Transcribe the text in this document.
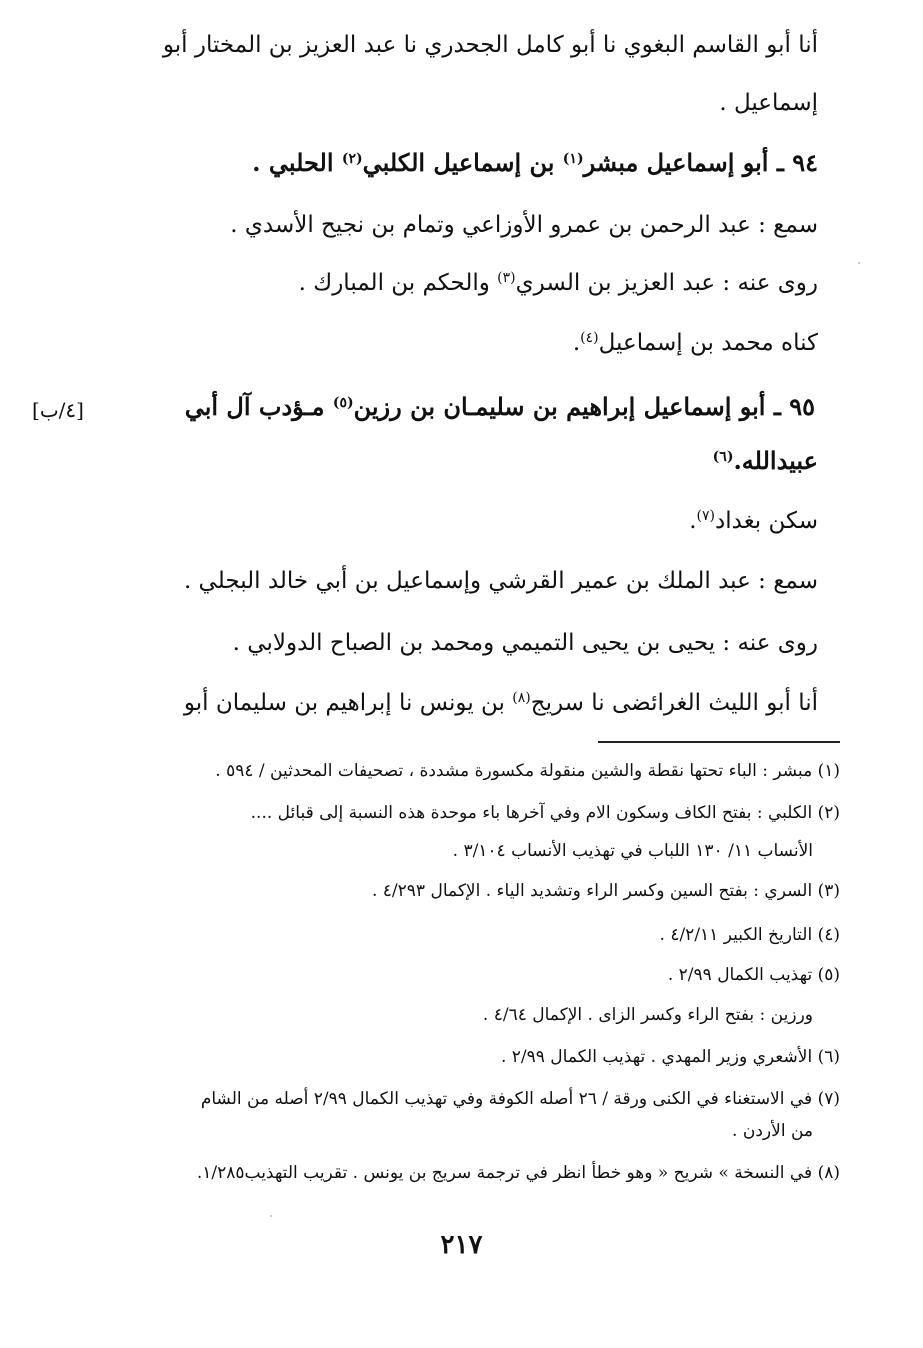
أنا أبو القاسم البغوي نا أبو كامل الجحدري نا عبد العزيز بن المختار أبو
إسماعيل .
٩٤ ـ أبو إسماعيل مبشر$^{(١)}$ بن إسماعيل الكلبي$^{(٢)}$ الحلبي .
سمع : عبد الرحمن بن عمرو الأوزاعي وتمام بن نجيح الأسدي .
روى عنه : عبد العزيز بن السري$^{(٣)}$ والحكم بن المبارك .
كناه محمد بن إسماعيل$^{(٤)}$.
٩٥ ـ أبو إسماعيل إبراهيم بن سليمـان بن رزين$^{(٥)}$ مـؤدب آل أبي
[٤/ب]
عبيدالله.$^{(٦)}$
سكن بغداد$^{(٧)}$.
سمع : عبد الملك بن عمير القرشي وإسماعيل بن أبي خالد البجلي .
روى عنه : يحيى بن يحيى التميمي ومحمد بن الصباح الدولابي .
أنا أبو الليث الغرائضى نا سريج$^{(٨)}$ بن يونس نا إبراهيم بن سليمان أبو
(١) مبشر : الباء تحتها نقطة والشين منقولة مكسورة مشددة ، تصحيفات المحدثين / ٥٩٤ .
(٢) الكلبي : بفتح الكاف وسكون الام وفي آخرها باء موحدة هذه النسبة إلى قبائل ....
الأنساب ١١/ ١٣٠ اللباب في تهذيب الأنساب ٣/١٠٤ .
(٣) السري : بفتح السين وكسر الراء وتشديد الياء . الإكمال ٤/٢٩٣ .
(٤) التاريخ الكبير ٤/٢/١١ .
(٥) تهذيب الكمال ٢/٩٩ .
ورزين : بفتح الراء وكسر الزاى . الإكمال ٤/٦٤ .
(٦) الأشعري وزير المهدي . تهذيب الكمال ٢/٩٩ .
(٧) في الاستغناء في الكنى ورقة / ٢٦ أصله الكوفة وفي تهذيب الكمال ٢/٩٩ أصله من الشام
من الأردن .
(٨) في النسخة » شريح « وهو خطأ انظر في ترجمة سريج بن يونس . تقريب التهذيب١/٢٨٥.
٢١٧
